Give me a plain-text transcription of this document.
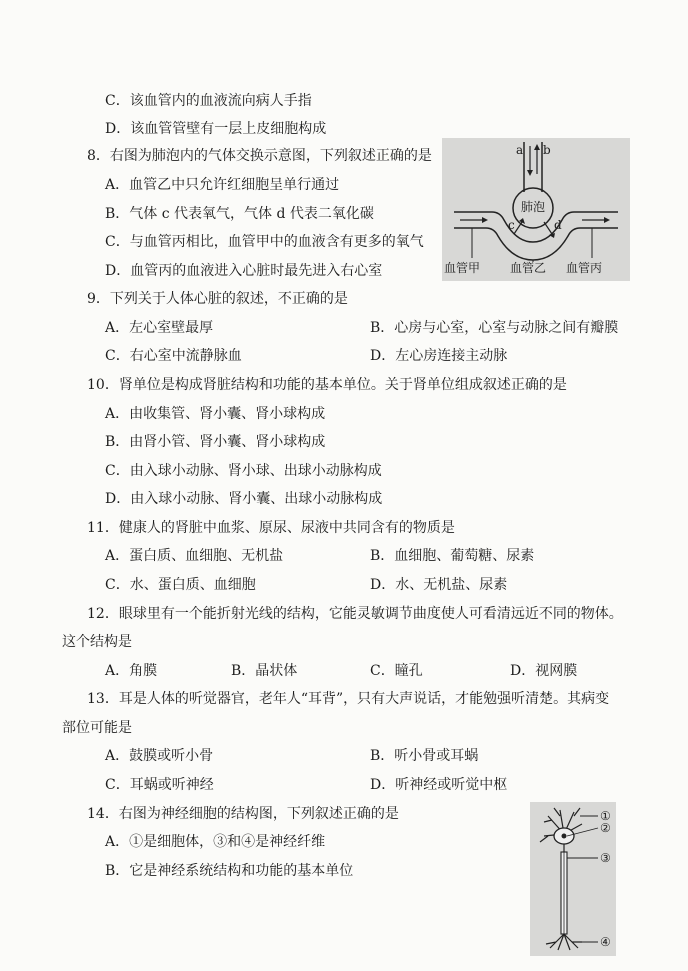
C．该血管内的血液流向病人手指
D．该血管管壁有一层上皮细胞构成
8．右图为肺泡内的气体交换示意图，下列叙述正确的是
A．血管乙中只允许红细胞呈单行通过
B．气体 c 代表氧气，气体 d 代表二氧化碳
C．与血管丙相比，血管甲中的血液含有更多的氧气
D．血管丙的血液进入心脏时最先进入右心室
a b
肺泡
c	d
血管甲 血管乙 血管丙
9．下列关于人体心脏的叙述，不正确的是
A．左心室壁最厚	B．心房与心室，心室与动脉之间有瓣膜
C．右心室中流静脉血	D．左心房连接主动脉
10．肾单位是构成肾脏结构和功能的基本单位。关于肾单位组成叙述正确的是
A．由收集管、肾小囊、肾小球构成
B．由肾小管、肾小囊、肾小球构成
C．由入球小动脉、肾小球、出球小动脉构成
D．由入球小动脉、肾小囊、出球小动脉构成
11．健康人的肾脏中血浆、原尿、尿液中共同含有的物质是
A．蛋白质、血细胞、无机盐	B．血细胞、葡萄糖、尿素
C．水、蛋白质、血细胞	D．水、无机盐、尿素
12．眼球里有一个能折射光线的结构，它能灵敏调节曲度使人可看清远近不同的物体。
这个结构是
A．角膜	B．晶状体	C．瞳孔	D．视网膜
13．耳是人体的听觉器官，老年人“耳背”，只有大声说话，才能勉强听清楚。其病变
部位可能是
A．鼓膜或听小骨	B．听小骨或耳蜗
C．耳蜗或听神经	D．听神经或听觉中枢
14．右图为神经细胞的结构图，下列叙述正确的是
A．①是细胞体，③和④是神经纤维
B．它是神经系统结构和功能的基本单位
①
②
③
④
